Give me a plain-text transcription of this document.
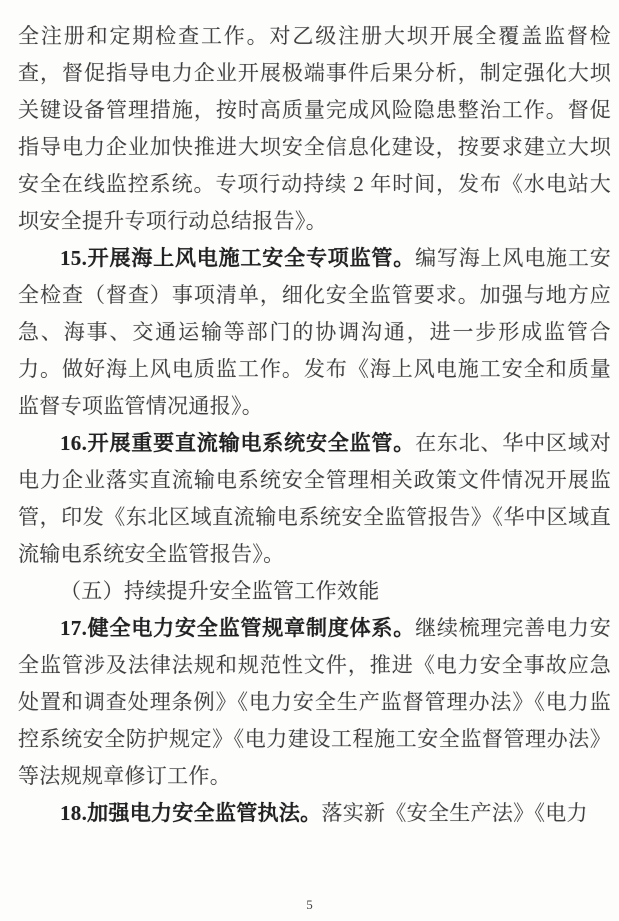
全注册和定期检查工作。对乙级注册大坝开展全覆盖监督检查，督促指导电力企业开展极端事件后果分析，制定强化大坝关键设备管理措施，按时高质量完成风险隐患整治工作。督促指导电力企业加快推进大坝安全信息化建设，按要求建立大坝安全在线监控系统。专项行动持续 2 年时间，发布《水电站大坝安全提升专项行动总结报告》。

15.开展海上风电施工安全专项监管。编写海上风电施工安全检查（督查）事项清单，细化安全监管要求。加强与地方应急、海事、交通运输等部门的协调沟通，进一步形成监管合力。做好海上风电质监工作。发布《海上风电施工安全和质量监督专项监管情况通报》。

16.开展重要直流输电系统安全监管。在东北、华中区域对电力企业落实直流输电系统安全管理相关政策文件情况开展监管，印发《东北区域直流输电系统安全监管报告》《华中区域直流输电系统安全监管报告》。

（五）持续提升安全监管工作效能

17.健全电力安全监管规章制度体系。继续梳理完善电力安全监管涉及法律法规和规范性文件，推进《电力安全事故应急处置和调查处理条例》《电力安全生产监督管理办法》《电力监控系统安全防护规定》《电力建设工程施工安全监督管理办法》等法规规章修订工作。

18.加强电力安全监管执法。落实新《安全生产法》《电力

5
